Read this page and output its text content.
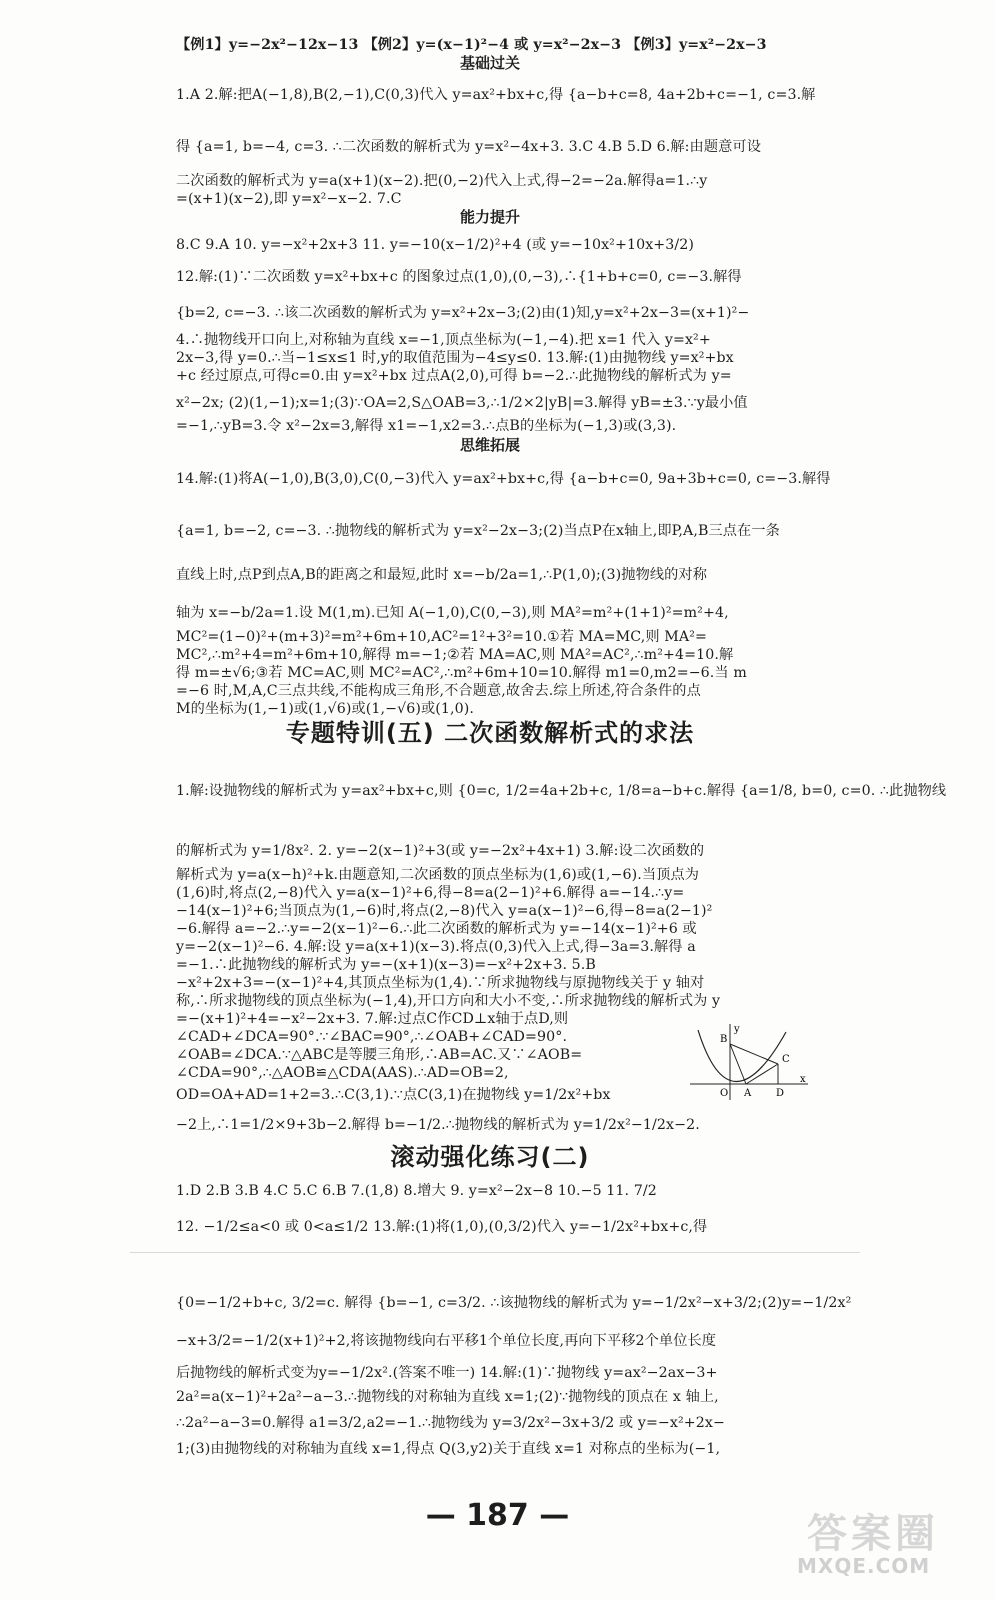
【例1】y=−2x²−12x−13 【例2】y=(x−1)²−4 或 y=x²−2x−3 【例3】y=x²−2x−3
基础过关
1.A 2.解:把A(−1,8),B(2,−1),C(0,3)代入 y=ax²+bx+c,得 {a−b+c=8, 4a+2b+c=−1, c=3.解
得 {a=1, b=−4, c=3. ∴二次函数的解析式为 y=x²−4x+3. 3.C 4.B 5.D 6.解:由题意可设
二次函数的解析式为 y=a(x+1)(x−2).把(0,−2)代入上式,得−2=−2a.解得a=1.∴y
=(x+1)(x−2),即 y=x²−x−2. 7.C
能力提升
8.C 9.A 10. y=−x²+2x+3 11. y=−10(x−1/2)²+4 (或 y=−10x²+10x+3/2)
12.解:(1)∵二次函数 y=x²+bx+c 的图象过点(1,0),(0,−3),∴{1+b+c=0, c=−3.解得
{b=2, c=−3. ∴该二次函数的解析式为 y=x²+2x−3;(2)由(1)知,y=x²+2x−3=(x+1)²−
4.∴抛物线开口向上,对称轴为直线 x=−1,顶点坐标为(−1,−4).把 x=1 代入 y=x²+
2x−3,得 y=0.∴当−1≤x≤1 时,y的取值范围为−4≤y≤0. 13.解:(1)由抛物线 y=x²+bx
+c 经过原点,可得c=0.由 y=x²+bx 过点A(2,0),可得 b=−2.∴此抛物线的解析式为 y=
x²−2x; (2)(1,−1);x=1;(3)∵OA=2,S△OAB=3,∴1/2×2|yB|=3.解得 yB=±3.∵y最小值
=−1,∴yB=3.令 x²−2x=3,解得 x1=−1,x2=3.∴点B的坐标为(−1,3)或(3,3).
思维拓展
14.解:(1)将A(−1,0),B(3,0),C(0,−3)代入 y=ax²+bx+c,得 {a−b+c=0, 9a+3b+c=0, c=−3.解得
{a=1, b=−2, c=−3. ∴抛物线的解析式为 y=x²−2x−3;(2)当点P在x轴上,即P,A,B三点在一条
直线上时,点P到点A,B的距离之和最短,此时 x=−b/2a=1,∴P(1,0);(3)抛物线的对称
轴为 x=−b/2a=1.设 M(1,m).已知 A(−1,0),C(0,−3),则 MA²=m²+(1+1)²=m²+4,
MC²=(1−0)²+(m+3)²=m²+6m+10,AC²=1²+3²=10.①若 MA=MC,则 MA²=
MC²,∴m²+4=m²+6m+10,解得 m=−1;②若 MA=AC,则 MA²=AC²,∴m²+4=10.解
得 m=±√6;③若 MC=AC,则 MC²=AC²,∴m²+6m+10=10.解得 m1=0,m2=−6.当 m
=−6 时,M,A,C三点共线,不能构成三角形,不合题意,故舍去.综上所述,符合条件的点
M的坐标为(1,−1)或(1,√6)或(1,−√6)或(1,0).
专题特训(五) 二次函数解析式的求法
1.解:设抛物线的解析式为 y=ax²+bx+c,则 {0=c, 1/2=4a+2b+c, 1/8=a−b+c.解得 {a=1/8, b=0, c=0. ∴此抛物线
的解析式为 y=1/8x². 2. y=−2(x−1)²+3(或 y=−2x²+4x+1) 3.解:设二次函数的
解析式为 y=a(x−h)²+k.由题意知,二次函数的顶点坐标为(1,6)或(1,−6).当顶点为
(1,6)时,将点(2,−8)代入 y=a(x−1)²+6,得−8=a(2−1)²+6.解得 a=−14.∴y=
−14(x−1)²+6;当顶点为(1,−6)时,将点(2,−8)代入 y=a(x−1)²−6,得−8=a(2−1)²
−6.解得 a=−2.∴y=−2(x−1)²−6.∴此二次函数的解析式为 y=−14(x−1)²+6 或
y=−2(x−1)²−6. 4.解:设 y=a(x+1)(x−3).将点(0,3)代入上式,得−3a=3.解得 a
=−1.∴此抛物线的解析式为 y=−(x+1)(x−3)=−x²+2x+3. 5.B
−x²+2x+3=−(x−1)²+4,其顶点坐标为(1,4).∵所求抛物线与原抛物线关于 y 轴对
称,∴所求抛物线的顶点坐标为(−1,4),开口方向和大小不变,∴所求抛物线的解析式为 y
=−(x+1)²+4=−x²−2x+3. 7.解:过点C作CD⊥x轴于点D,则
∠CAD+∠DCA=90°.∵∠BAC=90°,∴∠OAB+∠CAD=90°.
∠OAB=∠DCA.∵△ABC是等腰三角形,∴AB=AC.又∵∠AOB=
∠CDA=90°,∴△AOB≌△CDA(AAS).∴AD=OB=2,
OD=OA+AD=1+2=3.∴C(3,1).∵点C(3,1)在抛物线 y=1/2x²+bx
−2上,∴1=1/2×9+3b−2.解得 b=−1/2.∴抛物线的解析式为 y=1/2x²−1/2x−2.
B
C
D
O A
x
y
滚动强化练习(二)
1.D 2.B 3.B 4.C 5.C 6.B 7.(1,8) 8.增大 9. y=x²−2x−8 10.−5 11. 7/2
12. −1/2≤a<0 或 0<a≤1/2 13.解:(1)将(1,0),(0,3/2)代入 y=−1/2x²+bx+c,得
{0=−1/2+b+c, 3/2=c. 解得 {b=−1, c=3/2. ∴该抛物线的解析式为 y=−1/2x²−x+3/2;(2)y=−1/2x²
−x+3/2=−1/2(x+1)²+2,将该抛物线向右平移1个单位长度,再向下平移2个单位长度
后抛物线的解析式变为y=−1/2x².(答案不唯一) 14.解:(1)∵抛物线 y=ax²−2ax−3+
2a²=a(x−1)²+2a²−a−3.∴抛物线的对称轴为直线 x=1;(2)∵抛物线的顶点在 x 轴上,
∴2a²−a−3=0.解得 a1=3/2,a2=−1.∴抛物线为 y=3/2x²−3x+3/2 或 y=−x²+2x−
1;(3)由抛物线的对称轴为直线 x=1,得点 Q(3,y2)关于直线 x=1 对称点的坐标为(−1,
— 187 —	答案圈
MXQE.COM
